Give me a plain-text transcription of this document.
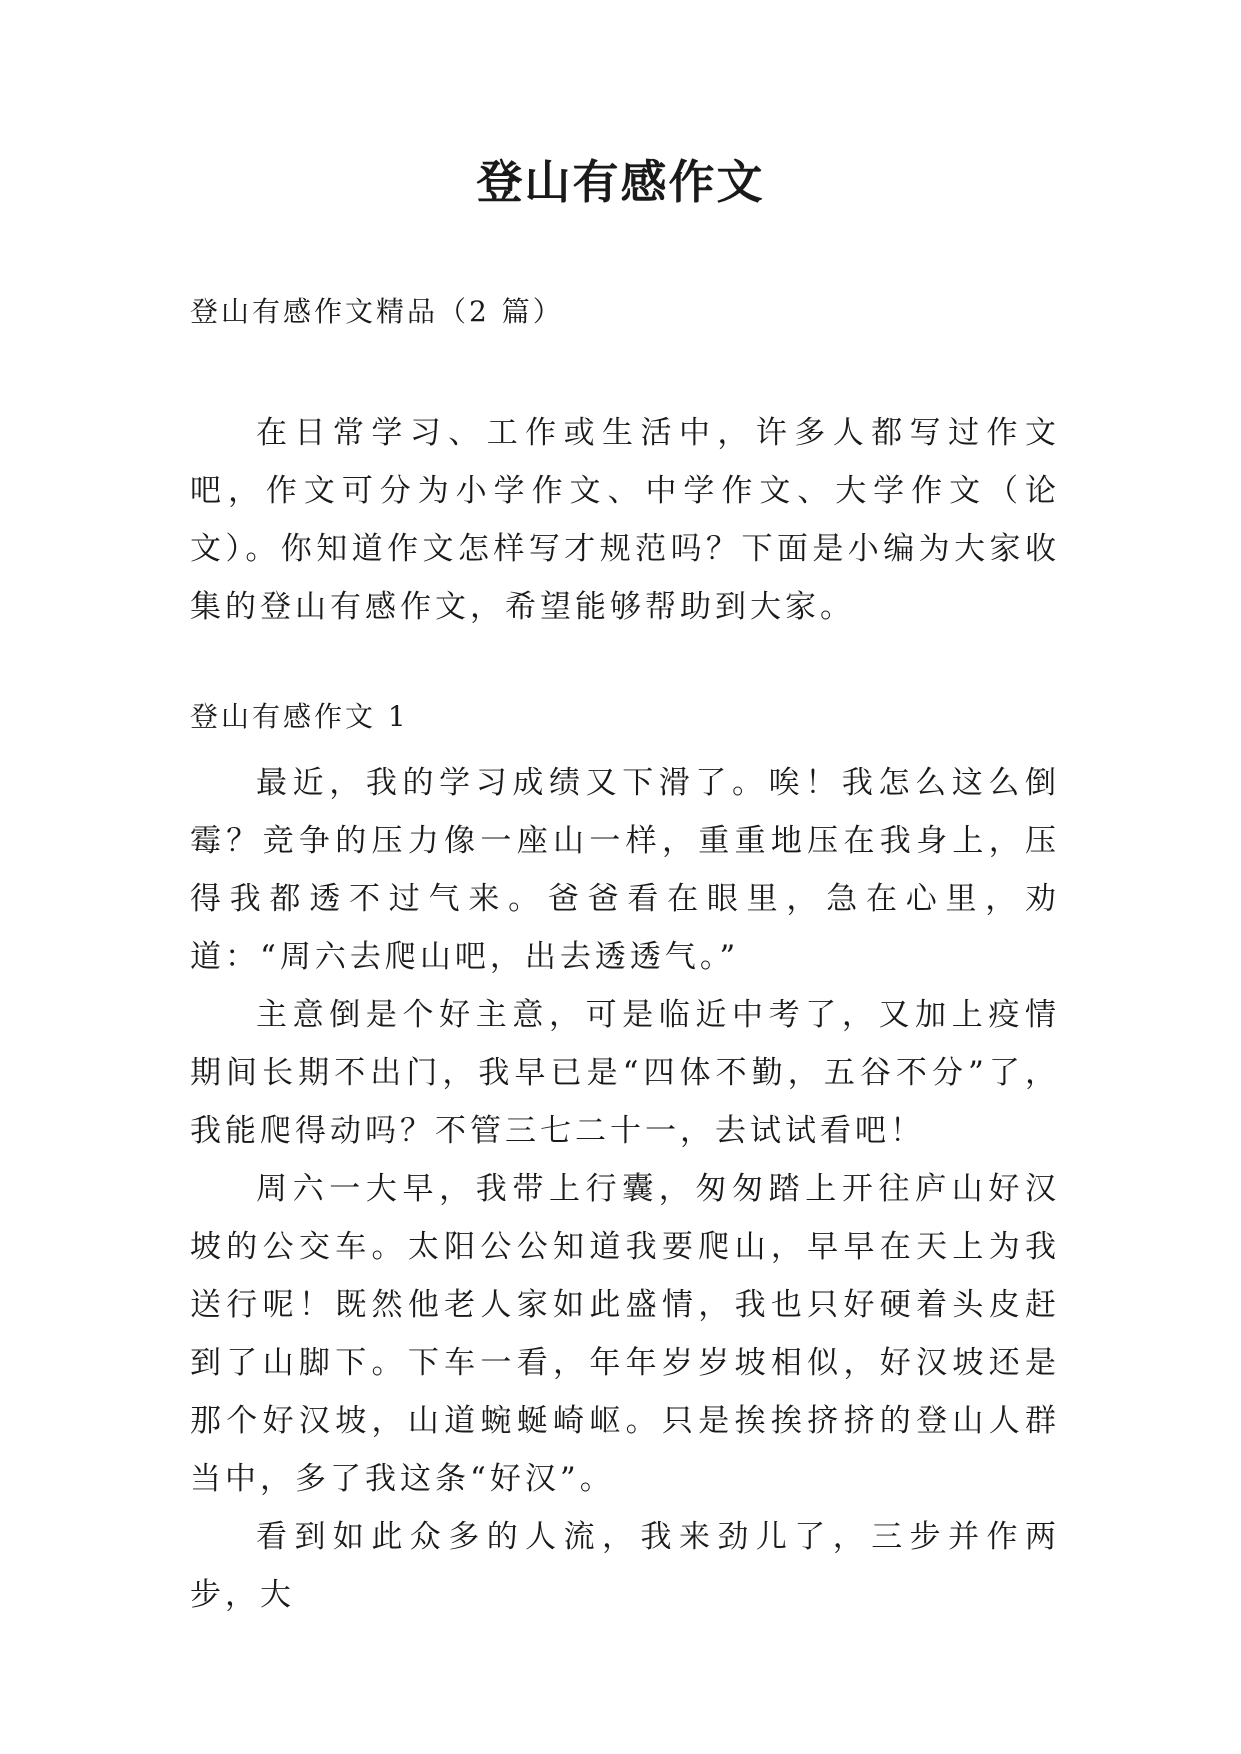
登山有感作文
登山有感作文精品（2 篇）

在日常学习、工作或生活中，许多人都写过作文吧，作文可分为小学作文、中学作文、大学作文（论文）。你知道作文怎样写才规范吗？下面是小编为大家收集的登山有感作文，希望能够帮助到大家。

登山有感作文 1

最近，我的学习成绩又下滑了。唉！我怎么这么倒霉？竞争的压力像一座山一样，重重地压在我身上，压得我都透不过气来。爸爸看在眼里，急在心里，劝道：“周六去爬山吧，出去透透气。”

主意倒是个好主意，可是临近中考了，又加上疫情期间长期不出门，我早已是“四体不勤，五谷不分”了，我能爬得动吗？不管三七二十一，去试试看吧！

周六一大早，我带上行囊，匆匆踏上开往庐山好汉坡的公交车。太阳公公知道我要爬山，早早在天上为我送行呢！既然他老人家如此盛情，我也只好硬着头皮赶到了山脚下。下车一看，年年岁岁坡相似，好汉坡还是那个好汉坡，山道蜿蜒崎岖。只是挨挨挤挤的登山人群当中，多了我这条“好汉”。

看到如此众多的人流，我来劲儿了，三步并作两步，大
